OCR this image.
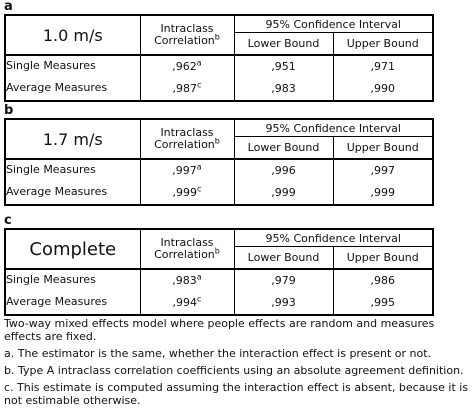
a
1.0 m/s	Intraclass Correlation$^b$	95% Confidence Interval	
		Lower Bound	Upper Bound
Single Measures	,962$^a$	,951	,971
Average Measures	,987$^c$	,983	,990
b
1.7 m/s	Intraclass Correlation$^b$	95% Confidence Interval	
		Lower Bound	Upper Bound
Single Measures	,997$^a$	,996	,997
Average Measures	,999$^c$	,999	,999
c
Complete	Intraclass Correlation$^b$	95% Confidence Interval	
		Lower Bound	Upper Bound
Single Measures	,983$^a$	,979	,986
Average Measures	,994$^c$	,993	,995

Two-way mixed effects model where people effects are random and measures effects are fixed.

a. The estimator is the same, whether the interaction effect is present or not.

b. Type A intraclass correlation coefficients using an absolute agreement definition.

c. This estimate is computed assuming the interaction effect is absent, because it is not estimable otherwise.
